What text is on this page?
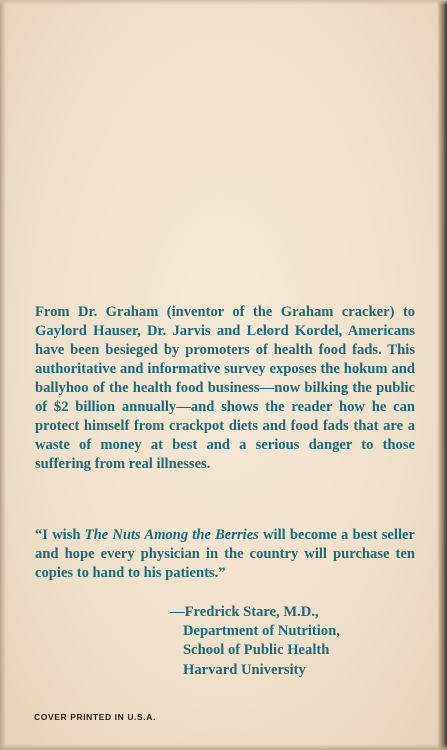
From Dr. Graham (inventor of the Graham cracker) to Gaylord Hauser, Dr. Jarvis and Lelord Kordel, Americans have been besieged by promoters of health food fads. This authoritative and informative survey exposes the hokum and ballyhoo of the health food business—now bilking the public of $2 billion annually—and shows the reader how he can protect himself from crackpot diets and food fads that are a waste of money at best and a serious danger to those suffering from real illnesses.

“I wish The Nuts Among the Berries will become a best seller and hope every physician in the country will purchase ten copies to hand to his patients.”

—Fredrick Stare, M.D.,
Department of Nutrition,
School of Public Health
Harvard University
COVER PRINTED IN U.S.A.
